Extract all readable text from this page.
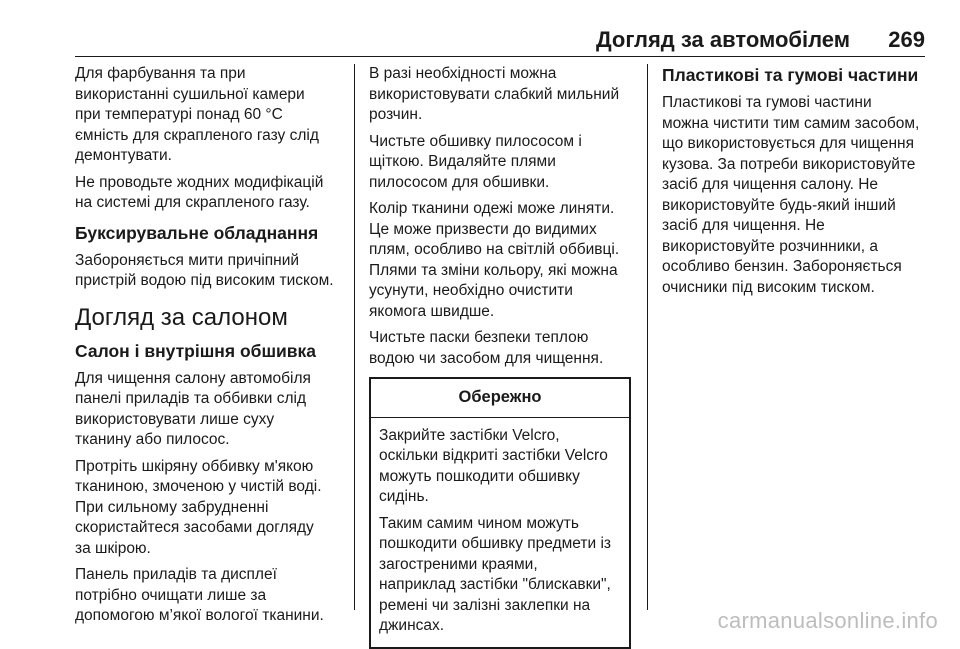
Догляд за автомобілем 269

Для фарбування та при
використанні сушильної камери
при температурі понад 60 °C
ємність для скрапленого газу слід
демонтувати.

Не проводьте жодних модифікацій
на системі для скрапленого газу.

Буксирувальне обладнання

Забороняється мити причіпний
пристрій водою під високим тиском.

Догляд за салоном
Салон і внутрішня обшивка

Для чищення салону автомобіля
панелі приладів та оббивки слід
використовувати лише суху
тканину або пилосос.

Протріть шкіряну оббивку м'якою
тканиною, змоченою у чистій воді.
При сильному забрудненні
скористайтеся засобами догляду
за шкірою.

Панель приладів та дисплеї
потрібно очищати лише за
допомогою м’якої вологої тканини.

В разі необхідності можна
використовувати слабкий мильний
розчин.

Чистьте обшивку пилососом і
щіткою. Видаляйте плями
пилососом для обшивки.

Колір тканини одежі може линяти.
Це може призвести до видимих
плям, особливо на світлій оббивці.
Плями та зміни кольору, які можна
усунути, необхідно очистити
якомога швидше.

Чистьте паски безпеки теплою
водою чи засобом для чищення.

Обережно

Закрийте застібки Velcro,
оскільки відкриті застібки Velcro
можуть пошкодити обшивку
сидінь.

Таким самим чином можуть
пошкодити обшивку предмети із
загостреними краями,
наприклад застібки "блискавки",
ремені чи залізні заклепки на
джинсах.

Пластикові та гумові частини

Пластикові та гумові частини
можна чистити тим самим засобом,
що використовується для чищення
кузова. За потреби використовуйте
засіб для чищення салону. Не
використовуйте будь-який інший
засіб для чищення. Не
використовуйте розчинники, а
особливо бензин. Забороняється
очисники під високим тиском.

carmanualsonline.info
